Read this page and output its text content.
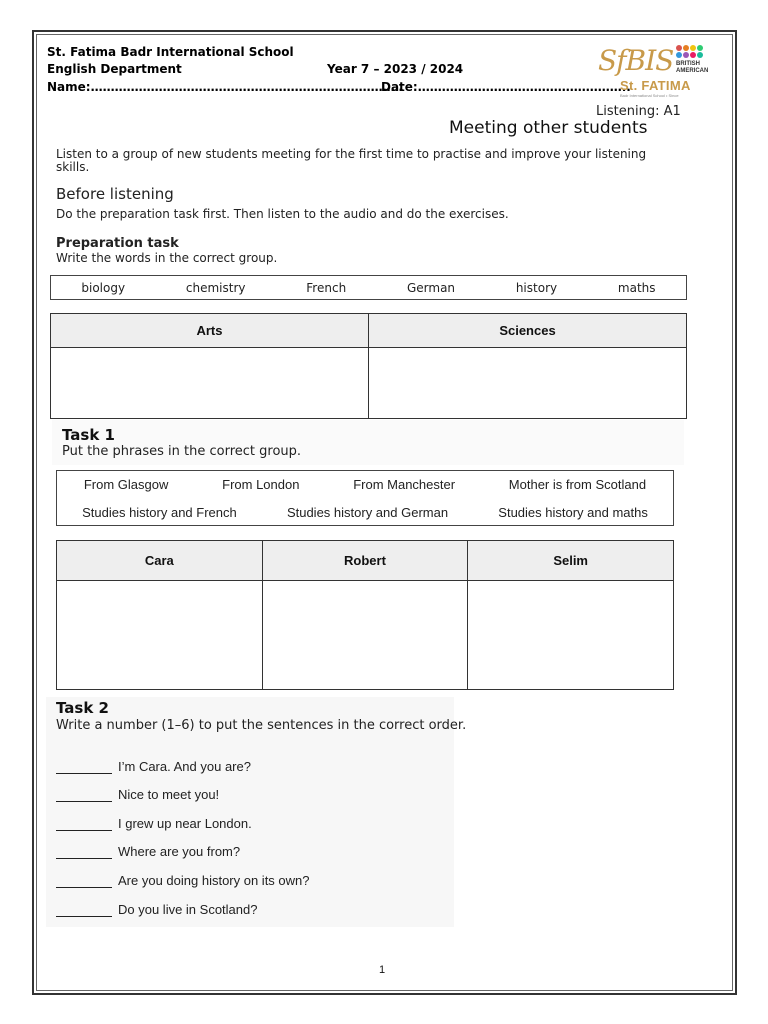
St. Fatima Badr International School
English Department	Year 7 – 2023 / 2024
Name:……………………………………………………………………
Date:……………………………………………..
SfBIS BRITISH
AMERICAN
St. FATIMA
Badr International School • Since
Listening: A1
Meeting other students
Listen to a group of new students meeting for the first time to practise and improve your listening skills.
Before listening
Do the preparation task first. Then listen to the audio and do the exercises.
Preparation task
Write the words in the correct group.
biology	chemistry	French	German	history	maths
Arts	Sciences

Task 1
Put the phrases in the correct group.
From Glasgow	From London	From Manchester	Mother is from Scotland
Studies history and French	Studies history and German	Studies history and maths
Cara	Robert	Selim

Task 2
Write a number (1–6) to put the sentences in the correct order.
I’m Cara. And you are?
Nice to meet you!
I grew up near London.
Where are you from?
Are you doing history on its own?
Do you live in Scotland?
1
